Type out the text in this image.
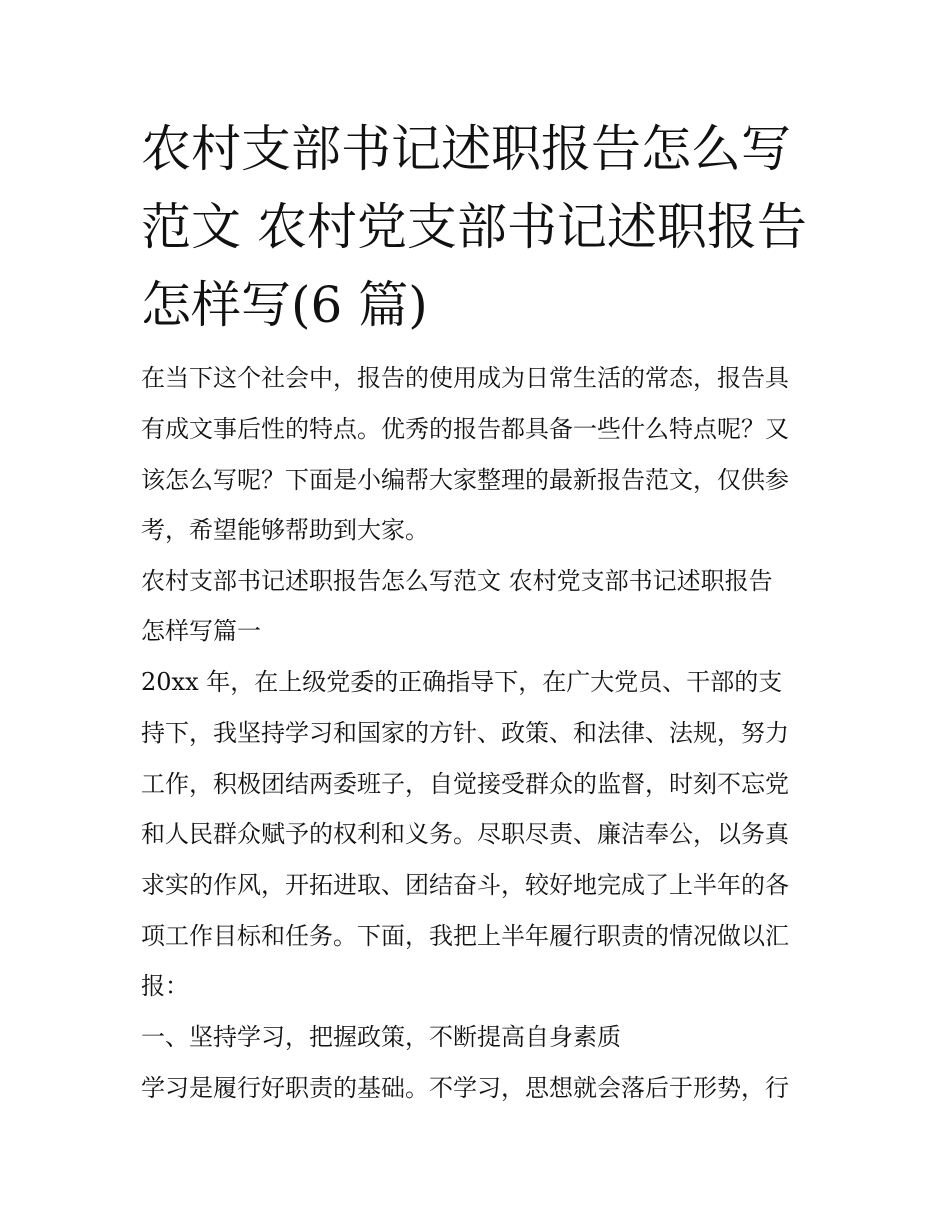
农村支部书记述职报告怎么写
范文 农村党支部书记述职报告
怎样写(6 篇)

在当下这个社会中，报告的使用成为日常生活的常态，报告具

有成文事后性的特点。优秀的报告都具备一些什么特点呢？又

该怎么写呢？下面是小编帮大家整理的最新报告范文，仅供参

考，希望能够帮助到大家。

农村支部书记述职报告怎么写范文 农村党支部书记述职报告

怎样写篇一

20xx 年，在上级党委的正确指导下，在广大党员、干部的支

持下，我坚持学习和国家的方针、政策、和法律、法规，努力

工作，积极团结两委班子，自觉接受群众的监督，时刻不忘党

和人民群众赋予的权利和义务。尽职尽责、廉洁奉公，以务真

求实的作风，开拓进取、团结奋斗，较好地完成了上半年的各

项工作目标和任务。下面，我把上半年履行职责的情况做以汇

报：

一、坚持学习，把握政策，不断提高自身素质

学习是履行好职责的基础。不学习，思想就会落后于形势，行
